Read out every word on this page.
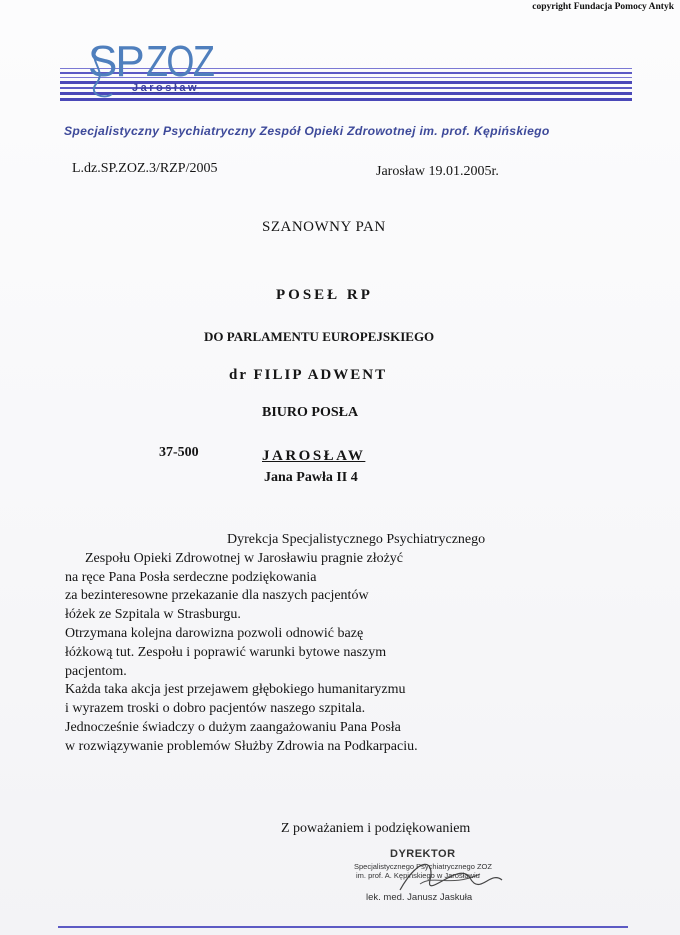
copyright Fundacja Pomocy Antyk
SP ZOZ
Jarosław
Specjalistyczny Psychiatryczny Zespół Opieki Zdrowotnej im. prof. Kępińskiego
L.dz.SP.ZOZ.3/RZP/2005	Jarosław 19.01.2005r.
SZANOWNY PAN
POSEŁ RP
DO PARLAMENTU EUROPEJSKIEGO
dr FILIP ADWENT
BIURO POSŁA
37-500	JAROSŁAW
Jana Pawła II 4
Dyrekcja Specjalistycznego Psychiatrycznego
Zespołu Opieki Zdrowotnej w Jarosławiu pragnie złożyć
na ręce Pana Posła serdeczne podziękowania
za bezinteresowne przekazanie dla naszych pacjentów
łóżek ze Szpitala w Strasburgu.
Otrzymana kolejna darowizna pozwoli odnowić bazę
łóżkową tut. Zespołu i poprawić warunki bytowe naszym
pacjentom.
Każda taka akcja jest przejawem głębokiego humanitaryzmu
i wyrazem troski o dobro pacjentów naszego szpitala.
Jednocześnie świadczy o dużym zaangażowaniu Pana Posła
w rozwiązywanie problemów Służby Zdrowia na Podkarpaciu.
Z poważaniem i podziękowaniem
DYREKTOR
Specjalistycznego Psychiatrycznego ZOZ
im. prof. A. Kępińskiego w Jarosławiu
lek. med. Janusz Jaskuła
